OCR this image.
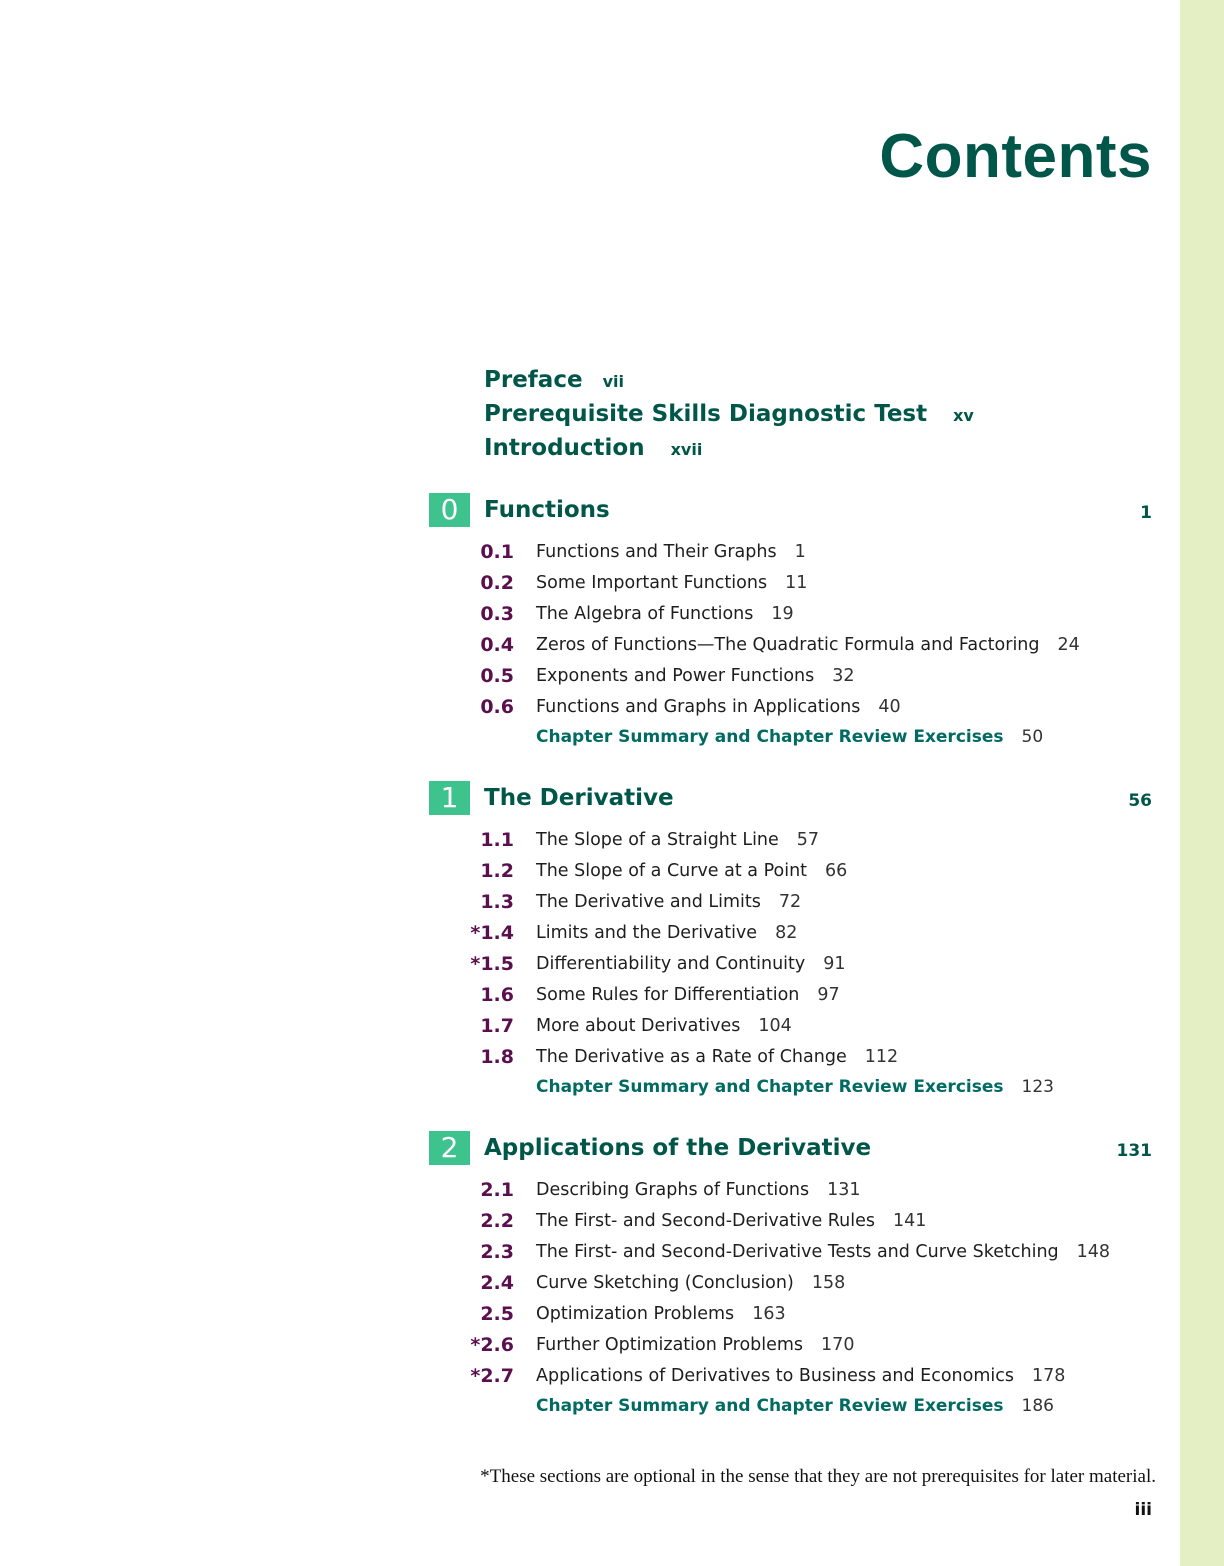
Contents
Preface vii
Prerequisite Skills Diagnostic Test xv
Introduction xvii
0	Functions	1
0.1 Functions and Their Graphs 1
0.2 Some Important Functions 11
0.3 The Algebra of Functions 19
0.4 Zeros of Functions—The Quadratic Formula and Factoring 24
0.5 Exponents and Power Functions 32
0.6 Functions and Graphs in Applications 40
Chapter Summary and Chapter Review Exercises 50
1	The Derivative	56
1.1 The Slope of a Straight Line 57
1.2 The Slope of a Curve at a Point 66
1.3 The Derivative and Limits 72
*1.4 Limits and the Derivative 82
*1.5 Differentiability and Continuity 91
1.6 Some Rules for Differentiation 97
1.7 More about Derivatives 104
1.8 The Derivative as a Rate of Change 112
Chapter Summary and Chapter Review Exercises 123
2	Applications of the Derivative	131
2.1 Describing Graphs of Functions 131
2.2 The First- and Second-Derivative Rules 141
2.3 The First- and Second-Derivative Tests and Curve Sketching 148
2.4 Curve Sketching (Conclusion) 158
2.5 Optimization Problems 163
*2.6 Further Optimization Problems 170
*2.7 Applications of Derivatives to Business and Economics 178
Chapter Summary and Chapter Review Exercises 186
*These sections are optional in the sense that they are not prerequisites for later material.
iii
